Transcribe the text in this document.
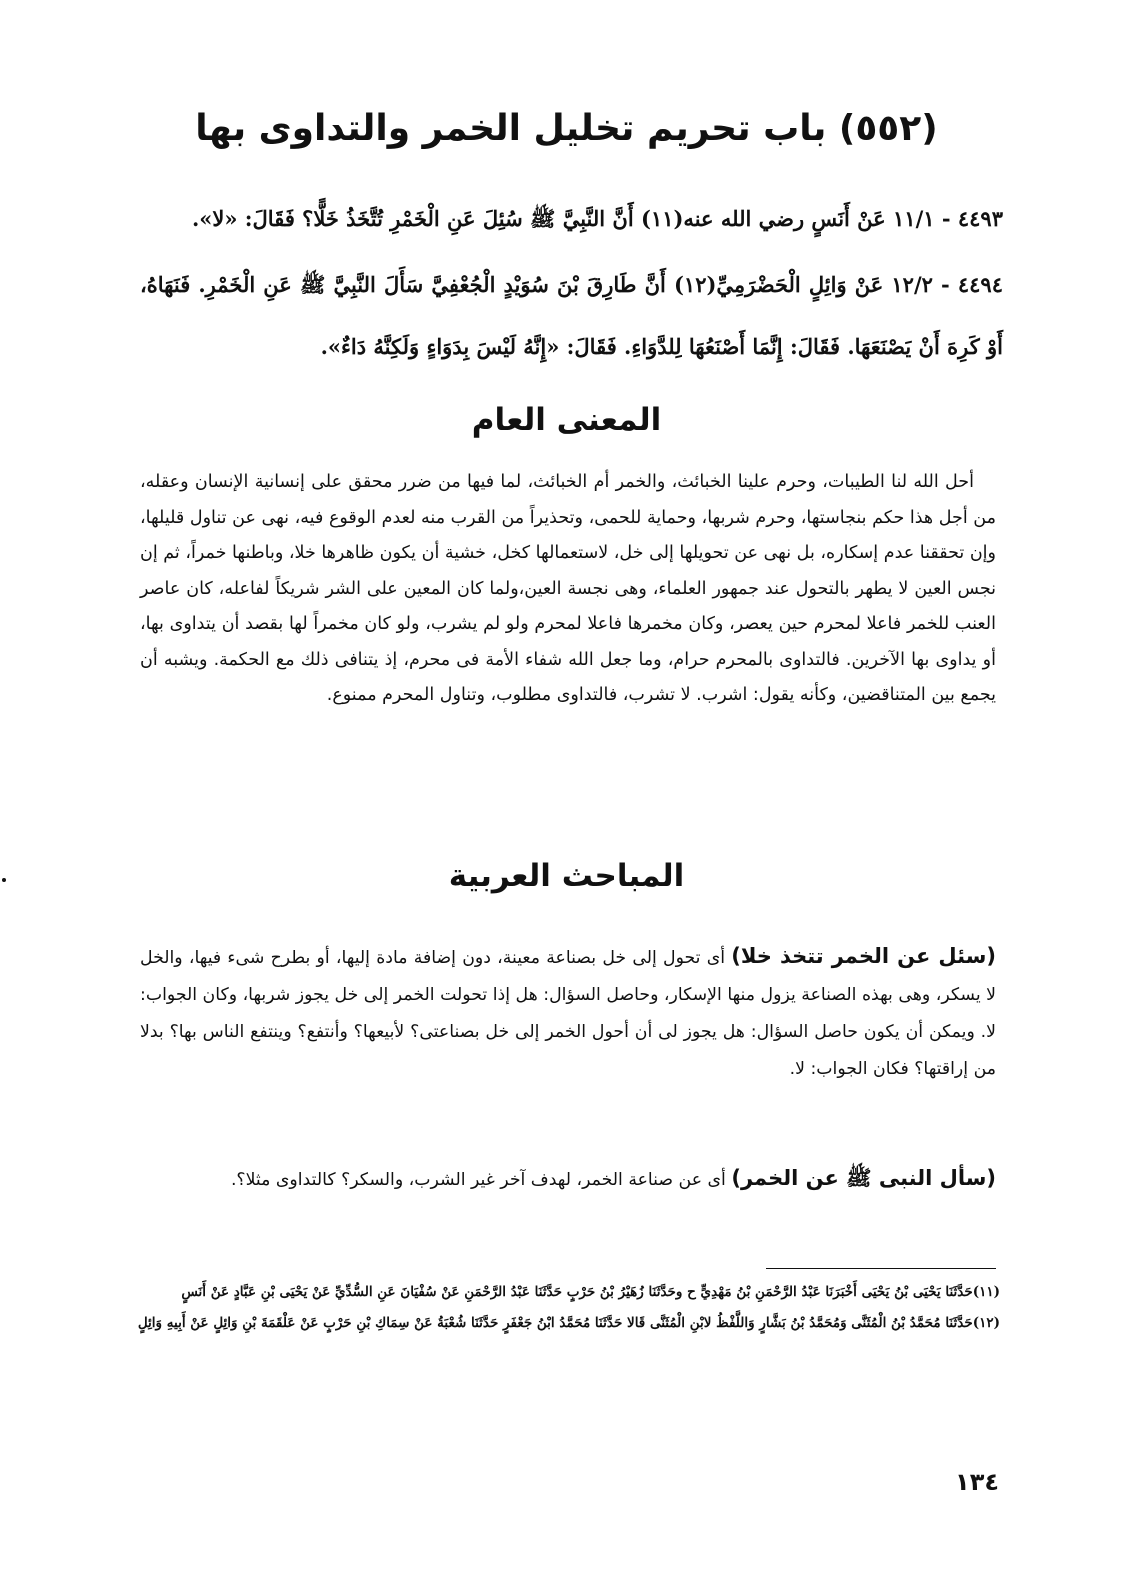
(٥٥٢) باب تحريم تخليل الخمر والتداوى بها
٤٤٩٣ - ١١/١ عَنْ أَنَسٍ رضي الله عنه(١١) أَنَّ النَّبِيَّ ﷺ سُئِلَ عَنِ الْخَمْرِ تُتَّخَذُ خَلًّا؟ فَقَالَ: «لا».
٤٤٩٤ - ١٢/٢ عَنْ وَائِلٍ الْحَضْرَمِيِّ(١٢) أَنَّ طَارِقَ بْنَ سُوَيْدٍ الْجُعْفِيَّ سَأَلَ النَّبِيَّ ﷺ عَنِ الْخَمْرِ. فَنَهَاهُ، أَوْ كَرِهَ أَنْ يَصْنَعَهَا. فَقَالَ: إِنَّمَا أَصْنَعُهَا لِلدَّوَاءِ. فَقَالَ: «إِنَّهُ لَيْسَ بِدَوَاءٍ وَلَكِنَّهُ دَاءٌ».
المعنى العام

أحل الله لنا الطيبات، وحرم علينا الخبائث، والخمر أم الخبائث، لما فيها من ضرر محقق على إنسانية الإنسان وعقله، من أجل هذا حكم بنجاستها، وحرم شربها، وحماية للحمى، وتحذيراً من القرب منه لعدم الوقوع فيه، نهى عن تناول قليلها، وإن تحققنا عدم إسكاره، بل نهى عن تحويلها إلى خل، لاستعمالها كخل، خشية أن يكون ظاهرها خلا، وباطنها خمراً، ثم إن نجس العين لا يطهر بالتحول عند جمهور العلماء، وهى نجسة العين،ولما كان المعين على الشر شريكاً لفاعله، كان عاصر العنب للخمر فاعلا لمحرم حين يعصر، وكان مخمرها فاعلا لمحرم ولو لم يشرب، ولو كان مخمراً لها بقصد أن يتداوى بها، أو يداوى بها الآخرين. فالتداوى بالمحرم حرام، وما جعل الله شفاء الأمة فى محرم، إذ يتنافى ذلك مع الحكمة. ويشبه أن يجمع بين المتناقضين، وكأنه يقول: اشرب. لا تشرب، فالتداوى مطلوب، وتناول المحرم ممنوع.

المباحث العربية

(سئل عن الخمر تتخذ خلا) أى تحول إلى خل بصناعة معينة، دون إضافة مادة إليها، أو بطرح شىء فيها، والخل لا يسكر، وهى بهذه الصناعة يزول منها الإسكار، وحاصل السؤال: هل إذا تحولت الخمر إلى خل يجوز شربها، وكان الجواب: لا. ويمكن أن يكون حاصل السؤال: هل يجوز لى أن أحول الخمر إلى خل بصناعتى؟ لأبيعها؟ وأنتفع؟ وينتفع الناس بها؟ بدلا من إراقتها؟ فكان الجواب: لا.

(سأل النبى ﷺ عن الخمر) أى عن صناعة الخمر، لهدف آخر غير الشرب، والسكر؟ كالتداوى مثلا؟.

(١١)حَدَّثَنَا يَحْيَى بْنُ يَحْيَى أَخْبَرَنَا عَبْدُ الرَّحْمَنِ بْنُ مَهْدِيٍّ ح وحَدَّثَنَا زُهَيْرُ بْنُ حَرْبٍ حَدَّثَنَا عَبْدُ الرَّحْمَنِ عَنْ سُفْيَانَ عَنِ السُّدِّيِّ عَنْ يَحْيَى بْنِ عَبَّادٍ عَنْ أَنَسٍ

(١٢)حَدَّثَنَا مُحَمَّدُ بْنُ الْمُثَنَّى وَمُحَمَّدُ بْنُ بَشَّارٍ وَاللَّفْظُ لابْنِ الْمُثَنَّى قَالا حَدَّثَنَا مُحَمَّدُ ابْنُ جَعْفَرٍ حَدَّثَنَا شُعْبَةُ عَنْ سِمَاكِ بْنِ حَرْبٍ عَنْ عَلْقَمَةَ بْنِ وَائِلٍ عَنْ أَبِيهِ وَائِلٍ

١٣٤
